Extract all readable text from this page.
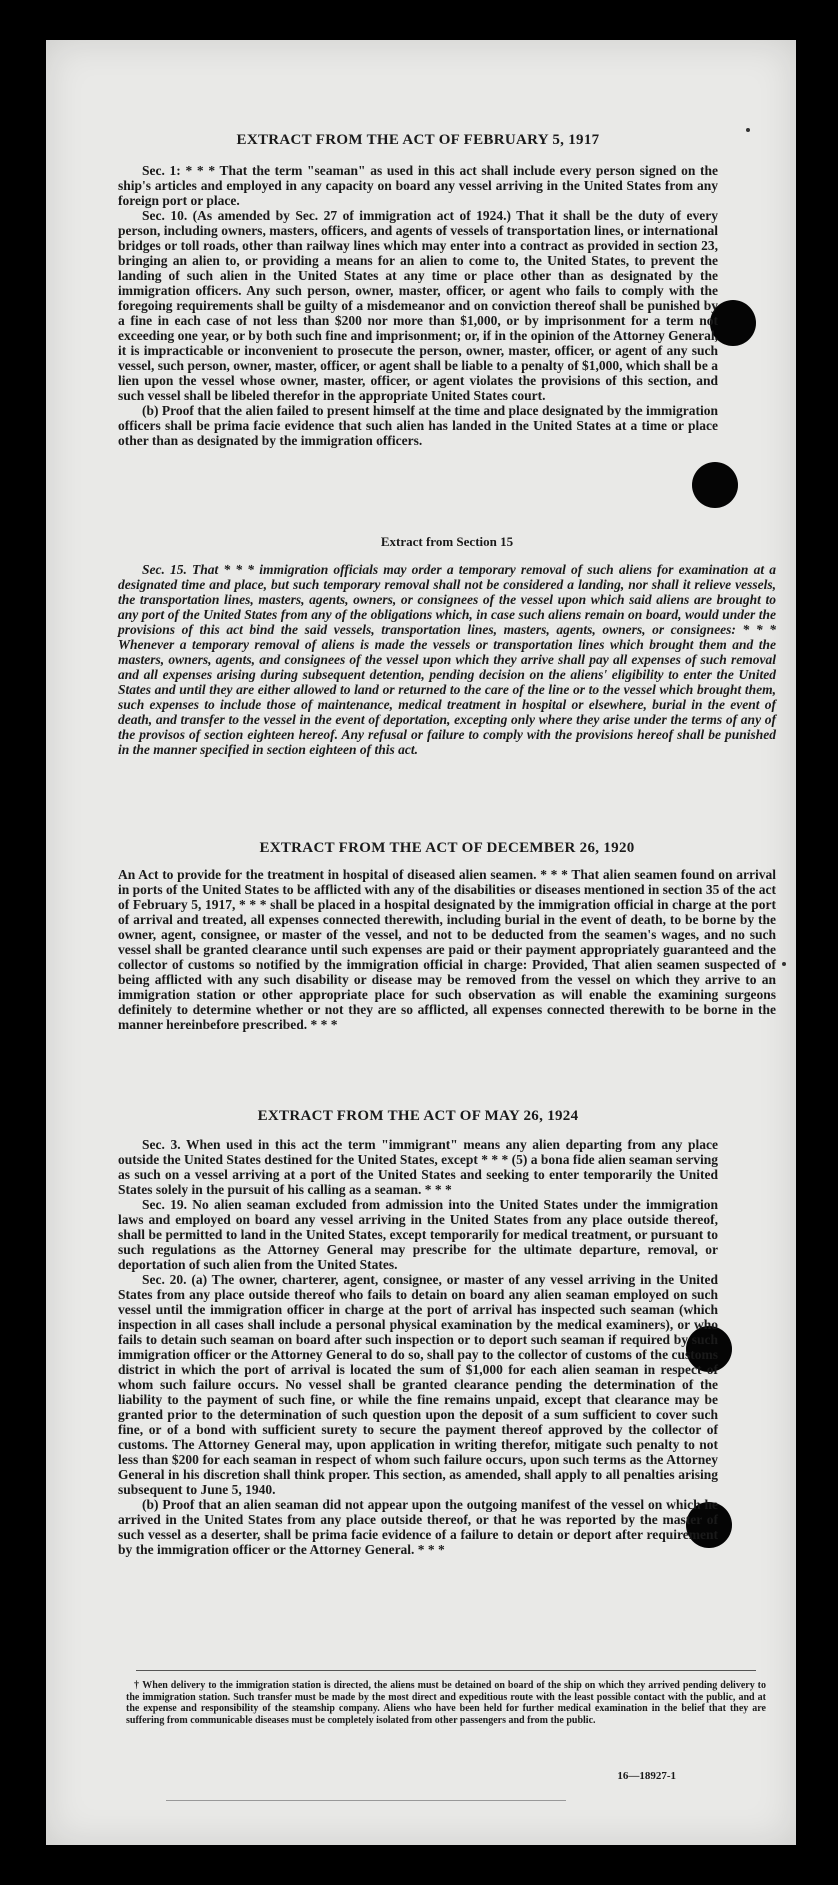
EXTRACT FROM THE ACT OF FEBRUARY 5, 1917

Sec. 1: * * * That the term "seaman" as used in this act shall include every person signed on the ship's articles and employed in any capacity on board any vessel arriving in the United States from any foreign port or place.

Sec. 10. (As amended by Sec. 27 of immigration act of 1924.) That it shall be the duty of every person, including owners, masters, officers, and agents of vessels of transportation lines, or international bridges or toll roads, other than railway lines which may enter into a contract as provided in section 23, bringing an alien to, or providing a means for an alien to come to, the United States, to prevent the landing of such alien in the United States at any time or place other than as designated by the immigration officers. Any such person, owner, master, officer, or agent who fails to comply with the foregoing requirements shall be guilty of a misdemeanor and on conviction thereof shall be punished by a fine in each case of not less than $200 nor more than $1,000, or by imprisonment for a term not exceeding one year, or by both such fine and imprisonment; or, if in the opinion of the Attorney General, it is impracticable or inconvenient to prosecute the person, owner, master, officer, or agent of any such vessel, such person, owner, master, officer, or agent shall be liable to a penalty of $1,000, which shall be a lien upon the vessel whose owner, master, officer, or agent violates the provisions of this section, and such vessel shall be libeled therefor in the appropriate United States court.

(b) Proof that the alien failed to present himself at the time and place designated by the immigration officers shall be prima facie evidence that such alien has landed in the United States at a time or place other than as designated by the immigration officers.

Extract from Section 15

Sec. 15. That * * * immigration officials may order a temporary removal of such aliens for examination at a designated time and place, but such temporary removal shall not be considered a landing, nor shall it relieve vessels, the transportation lines, masters, agents, owners, or consignees of the vessel upon which said aliens are brought to any port of the United States from any of the obligations which, in case such aliens remain on board, would under the provisions of this act bind the said vessels, transportation lines, masters, agents, owners, or consignees: * * * Whenever a temporary removal of aliens is made the vessels or transportation lines which brought them and the masters, owners, agents, and consignees of the vessel upon which they arrive shall pay all expenses of such removal and all expenses arising during subsequent detention, pending decision on the aliens' eligibility to enter the United States and until they are either allowed to land or returned to the care of the line or to the vessel which brought them, such expenses to include those of maintenance, medical treatment in hospital or elsewhere, burial in the event of death, and transfer to the vessel in the event of deportation, excepting only where they arise under the terms of any of the provisos of section eighteen hereof. Any refusal or failure to comply with the provisions hereof shall be punished in the manner specified in section eighteen of this act.

EXTRACT FROM THE ACT OF DECEMBER 26, 1920

An Act to provide for the treatment in hospital of diseased alien seamen. * * * That alien seamen found on arrival in ports of the United States to be afflicted with any of the disabilities or diseases mentioned in section 35 of the act of February 5, 1917, * * * shall be placed in a hospital designated by the immigration official in charge at the port of arrival and treated, all expenses connected therewith, including burial in the event of death, to be borne by the owner, agent, consignee, or master of the vessel, and not to be deducted from the seamen's wages, and no such vessel shall be granted clearance until such expenses are paid or their payment appropriately guaranteed and the collector of customs so notified by the immigration official in charge: Provided, That alien seamen suspected of being afflicted with any such disability or disease may be removed from the vessel on which they arrive to an immigration station or other appropriate place for such observation as will enable the examining surgeons definitely to determine whether or not they are so afflicted, all expenses connected therewith to be borne in the manner hereinbefore prescribed. * * *

EXTRACT FROM THE ACT OF MAY 26, 1924

Sec. 3. When used in this act the term "immigrant" means any alien departing from any place outside the United States destined for the United States, except * * * (5) a bona fide alien seaman serving as such on a vessel arriving at a port of the United States and seeking to enter temporarily the United States solely in the pursuit of his calling as a seaman. * * *

Sec. 19. No alien seaman excluded from admission into the United States under the immigration laws and employed on board any vessel arriving in the United States from any place outside thereof, shall be permitted to land in the United States, except temporarily for medical treatment, or pursuant to such regulations as the Attorney General may prescribe for the ultimate departure, removal, or deportation of such alien from the United States.

Sec. 20. (a) The owner, charterer, agent, consignee, or master of any vessel arriving in the United States from any place outside thereof who fails to detain on board any alien seaman employed on such vessel until the immigration officer in charge at the port of arrival has inspected such seaman (which inspection in all cases shall include a personal physical examination by the medical examiners), or who fails to detain such seaman on board after such inspection or to deport such seaman if required by such immigration officer or the Attorney General to do so, shall pay to the collector of customs of the customs district in which the port of arrival is located the sum of $1,000 for each alien seaman in respect of whom such failure occurs. No vessel shall be granted clearance pending the determination of the liability to the payment of such fine, or while the fine remains unpaid, except that clearance may be granted prior to the determination of such question upon the deposit of a sum sufficient to cover such fine, or of a bond with sufficient surety to secure the payment thereof approved by the collector of customs. The Attorney General may, upon application in writing therefor, mitigate such penalty to not less than $200 for each seaman in respect of whom such failure occurs, upon such terms as the Attorney General in his discretion shall think proper. This section, as amended, shall apply to all penalties arising subsequent to June 5, 1940.

(b) Proof that an alien seaman did not appear upon the outgoing manifest of the vessel on which he arrived in the United States from any place outside thereof, or that he was reported by the master of such vessel as a deserter, shall be prima facie evidence of a failure to detain or deport after requirement by the immigration officer or the Attorney General. * * *

† When delivery to the immigration station is directed, the aliens must be detained on board of the ship on which they arrived pending delivery to the immigration station. Such transfer must be made by the most direct and expeditious route with the least possible contact with the public, and at the expense and responsibility of the steamship company. Aliens who have been held for further medical examination in the belief that they are suffering from communicable diseases must be completely isolated from other passengers and from the public.

16—18927-1
